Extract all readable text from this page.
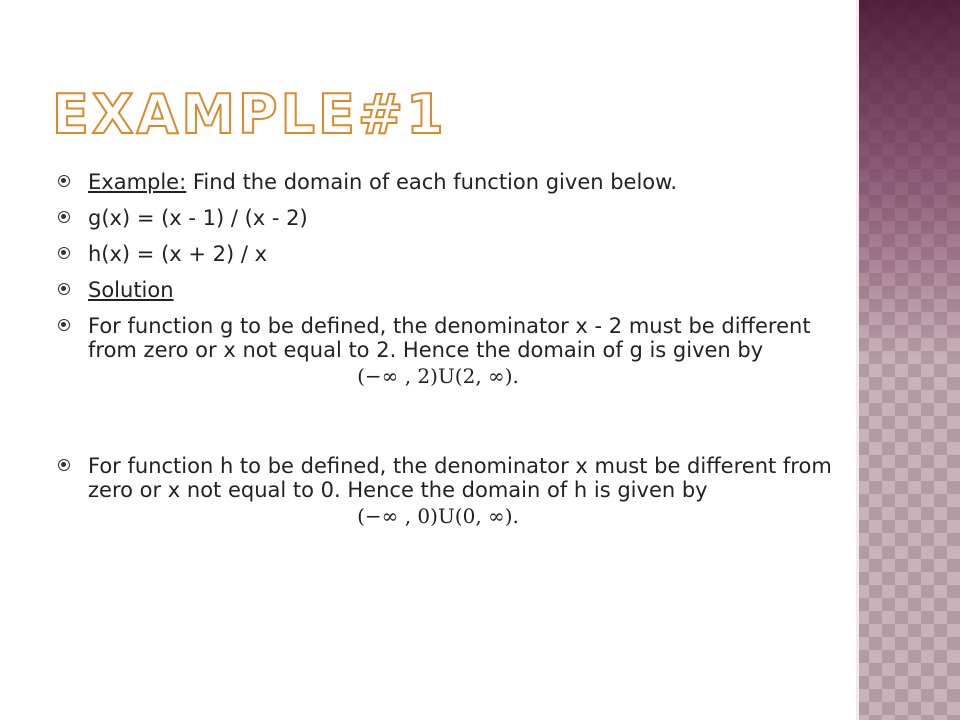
EXAMPLE#1
Example: Find the domain of each function given below.
g(x) = (x - 1) / (x - 2)
h(x) = (x + 2) / x
Solution
For function g to be defined, the denominator x - 2 must be different from zero or x not equal to 2. Hence the domain of g is given by
(−∞ , 2)U(2, ∞).
For function h to be defined, the denominator x must be different from zero or x not equal to 0. Hence the domain of h is given by
(−∞ , 0)U(0, ∞).
